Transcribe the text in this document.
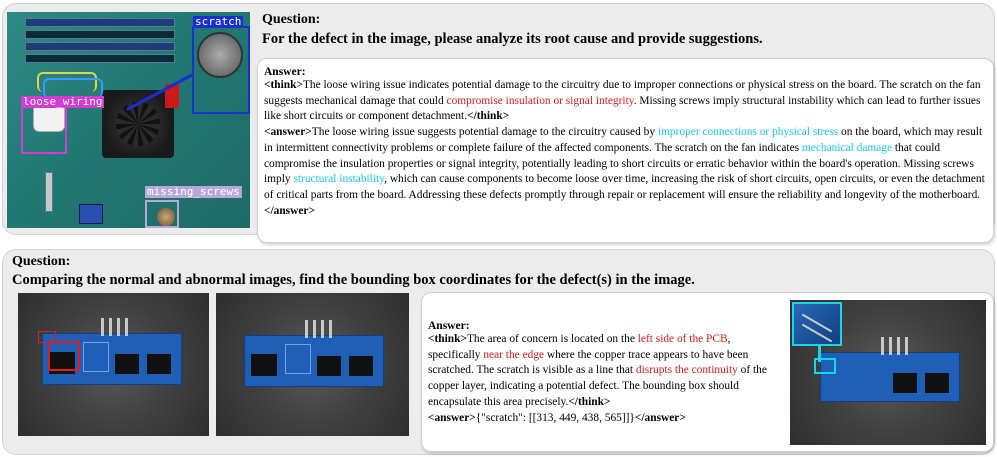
scratch
loose_wiring
missing_screws
Question:
For the defect in the image, please analyze its root cause and provide suggestions.
Answer:
<think>The loose wiring issue indicates potential damage to the circuitry due to improper connections or physical stress on the board. The scratch on the fan suggests mechanical damage that could compromise insulation or signal integrity. Missing screws imply structural instability which can lead to further issues like short circuits or component detachment.</think>
<answer>The loose wiring issue suggests potential damage to the circuitry caused by improper connections or physical stress on the board, which may result in intermittent connectivity problems or complete failure of the affected components. The scratch on the fan indicates mechanical damage that could compromise the insulation properties or signal integrity, potentially leading to short circuits or erratic behavior within the board's operation. Missing screws imply structural instability, which can cause components to become loose over time, increasing the risk of short circuits, open circuits, or even the detachment of critical parts from the board. Addressing these defects promptly through repair or replacement will ensure the reliability and longevity of the motherboard.</answer>
Question:
Comparing the normal and abnormal images, find the bounding box coordinates for the defect(s) in the image.
Answer:
<think>The area of concern is located on the left side of the PCB, specifically near the edge where the copper trace appears to have been scratched. The scratch is visible as a line that disrupts the continuity of the copper layer, indicating a potential defect. The bounding box should encapsulate this area precisely.</think>
<answer>{"scratch": [[313, 449, 438, 565]]}</answer>
